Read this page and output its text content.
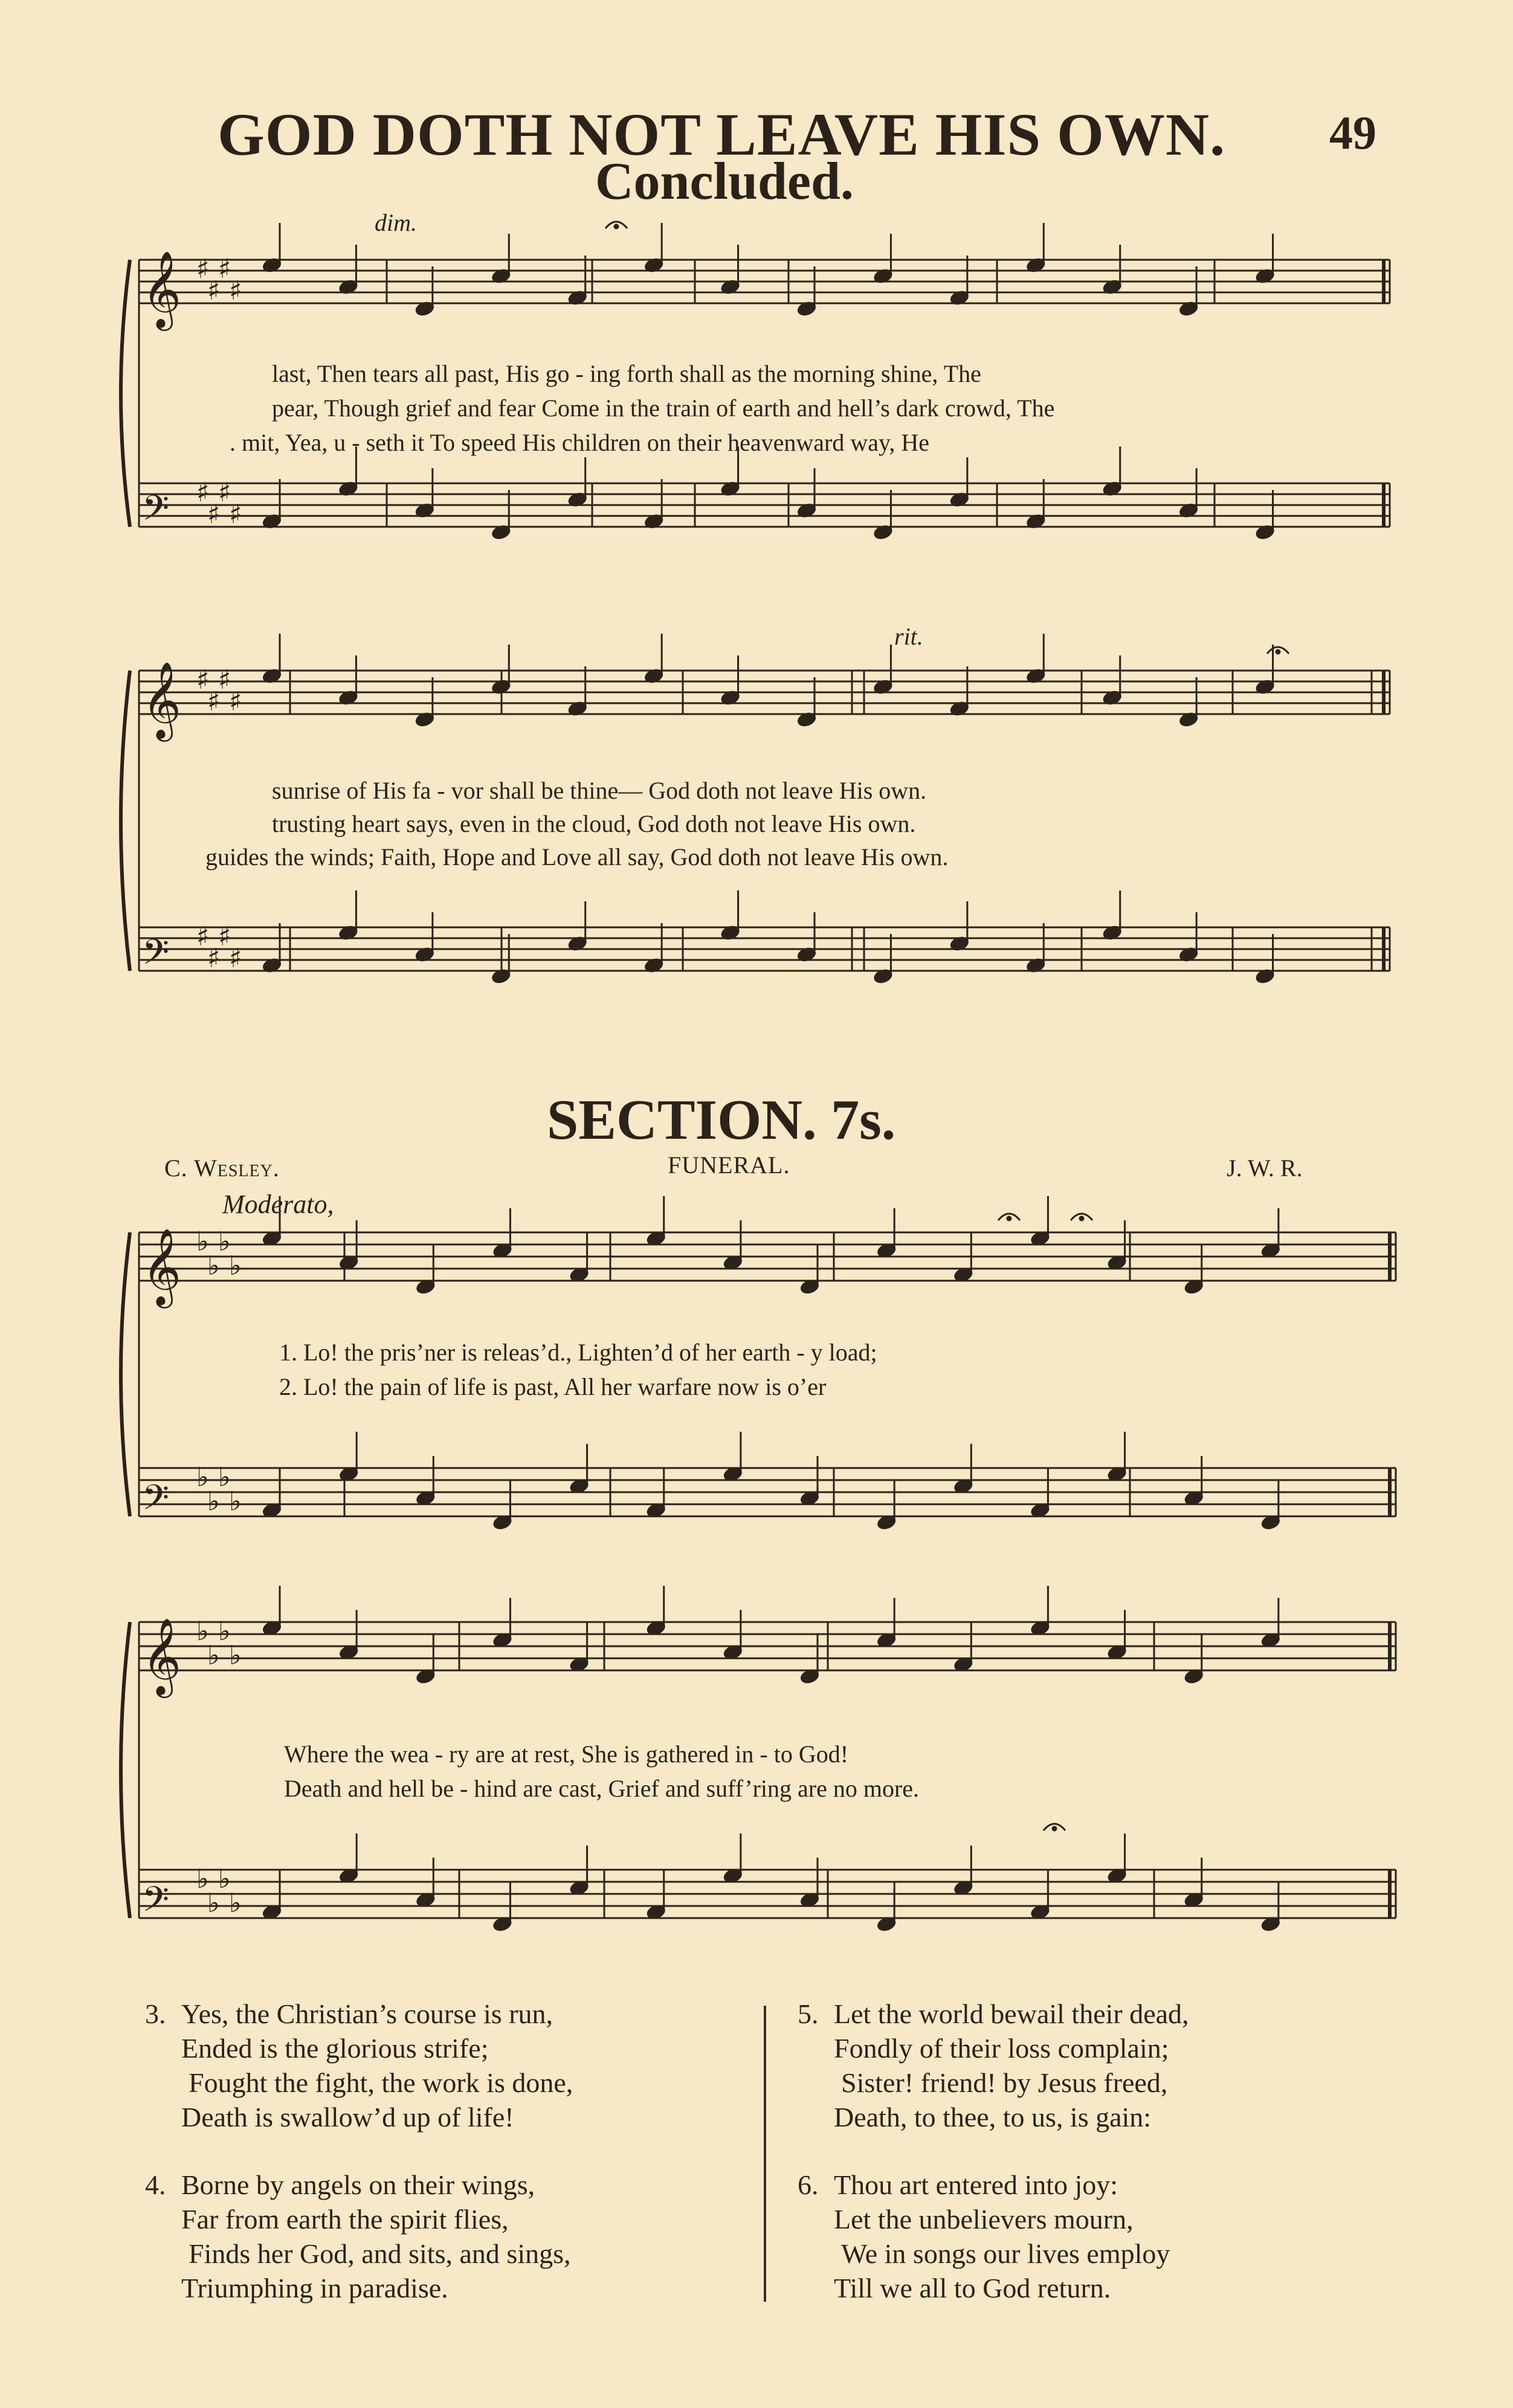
GOD DOTH NOT LEAVE HIS OWN. 49
Concluded.
𝄞 ♯
♯
♯
♯
𝄢 ♯
♯
♯
♯
𝄞 ♯
♯
♯
♯
𝄢 ♯
♯
♯
♯
𝄞 ♭
♭
♭
♭
𝄢 ♭
♭
♭
♭
𝄞 ♭
♭
♭
♭
𝄢 ♭
♭
♭
♭
dim.
rit.
last, Then tears all past, His go - ing forth shall as the morning shine, The
pear, Though grief and fear Come in the train of earth and hell’s dark crowd, The
. mit, Yea, u - seth it To speed His children on their heavenward way, He
sunrise of His fa - vor shall be thine— God doth not leave His own.
trusting heart says, even in the cloud, God doth not leave His own.
guides the winds; Faith, Hope and Love all say, God doth not leave His own.
SECTION. 7s.
C. Wesley.	FUNERAL.	J. W. R.
Moderato,
1. Lo! the pris’ner is releas’d., Lighten’d of her earth - y load;
2. Lo! the pain of life is past, All her warfare now is o’er
Where the wea - ry are at rest, She is gathered in - to God!
Death and hell be - hind are cast, Grief and suff’ring are no more.
3. Yes, the Christian’s course is run,
Ended is the glorious strife;
Fought the fight, the work is done,
Death is swallow’d up of life!
4. Borne by angels on their wings,
Far from earth the spirit flies,
Finds her God, and sits, and sings,
Triumphing in paradise.
5. Let the world bewail their dead,
Fondly of their loss complain;
Sister! friend! by Jesus freed,
Death, to thee, to us, is gain:
6. Thou art entered into joy:
Let the unbelievers mourn,
We in songs our lives employ
Till we all to God return.
